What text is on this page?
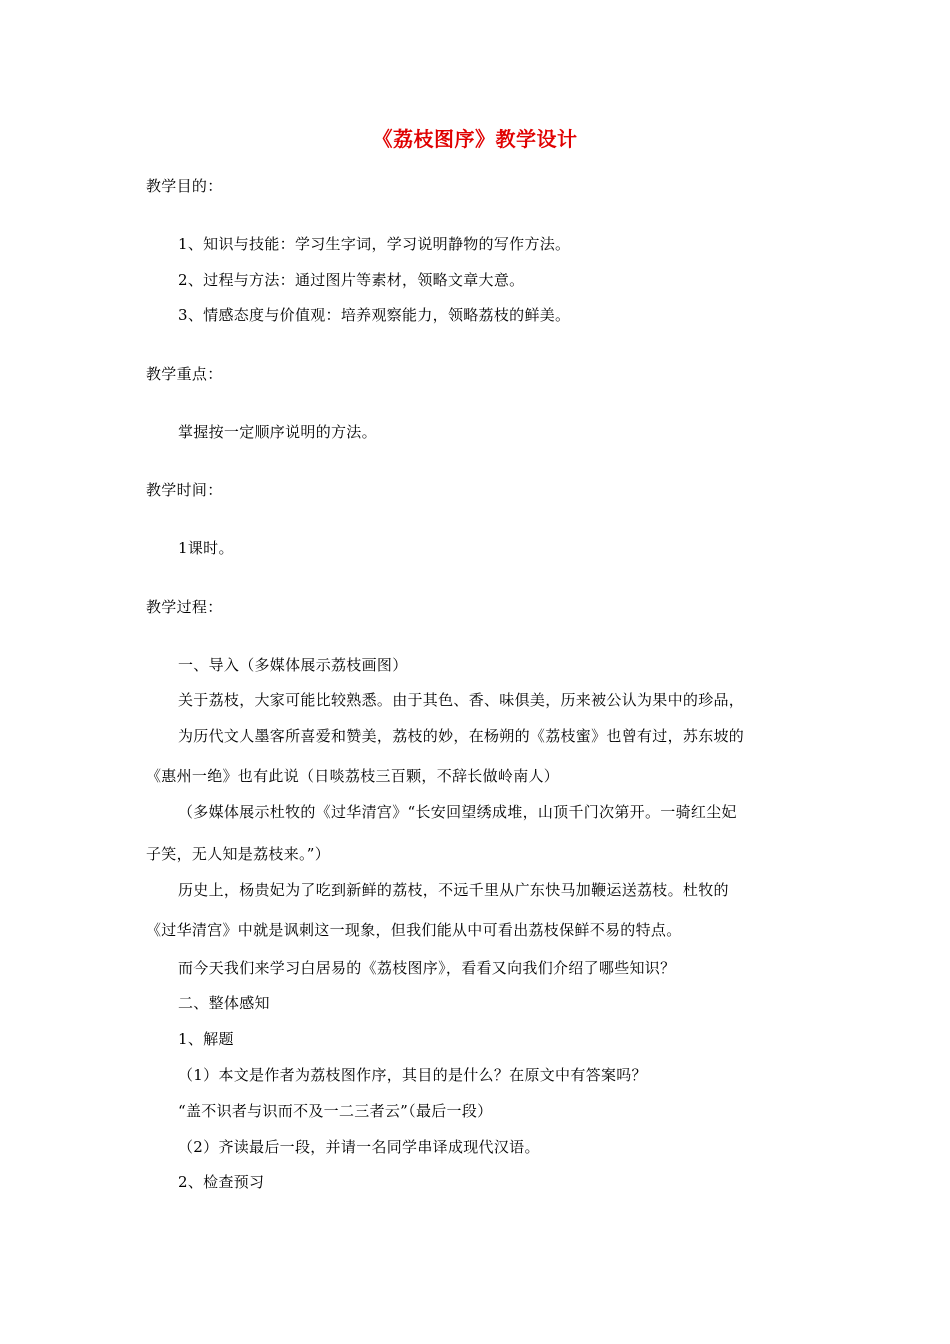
《荔枝图序》教学设计
教学目的：
1、知识与技能：学习生字词，学习说明静物的写作方法。
2、过程与方法：通过图片等素材，领略文章大意。
3、情感态度与价值观：培养观察能力，领略荔枝的鲜美。
教学重点：
掌握按一定顺序说明的方法。
教学时间：
1课时。
教学过程：
一、导入（多媒体展示荔枝画图）
关于荔枝，大家可能比较熟悉。由于其色、香、味俱美，历来被公认为果中的珍品，
为历代文人墨客所喜爱和赞美，荔枝的妙，在杨朔的《荔枝蜜》也曾有过，苏东坡的
《惠州一绝》也有此说（日啖荔枝三百颗，不辞长做岭南人）
（多媒体展示杜牧的《过华清宫》“长安回望绣成堆，山顶千门次第开。一骑红尘妃
子笑，无人知是荔枝来。”）
历史上，杨贵妃为了吃到新鲜的荔枝，不远千里从广东快马加鞭运送荔枝。杜牧的
《过华清宫》中就是讽刺这一现象，但我们能从中可看出荔枝保鲜不易的特点。
而今天我们来学习白居易的《荔枝图序》，看看又向我们介绍了哪些知识？
二、整体感知
1、解题
（1）本文是作者为荔枝图作序，其目的是什么？在原文中有答案吗？
“盖不识者与识而不及一二三者云”（最后一段）
（2）齐读最后一段，并请一名同学串译成现代汉语。
2、检查预习
